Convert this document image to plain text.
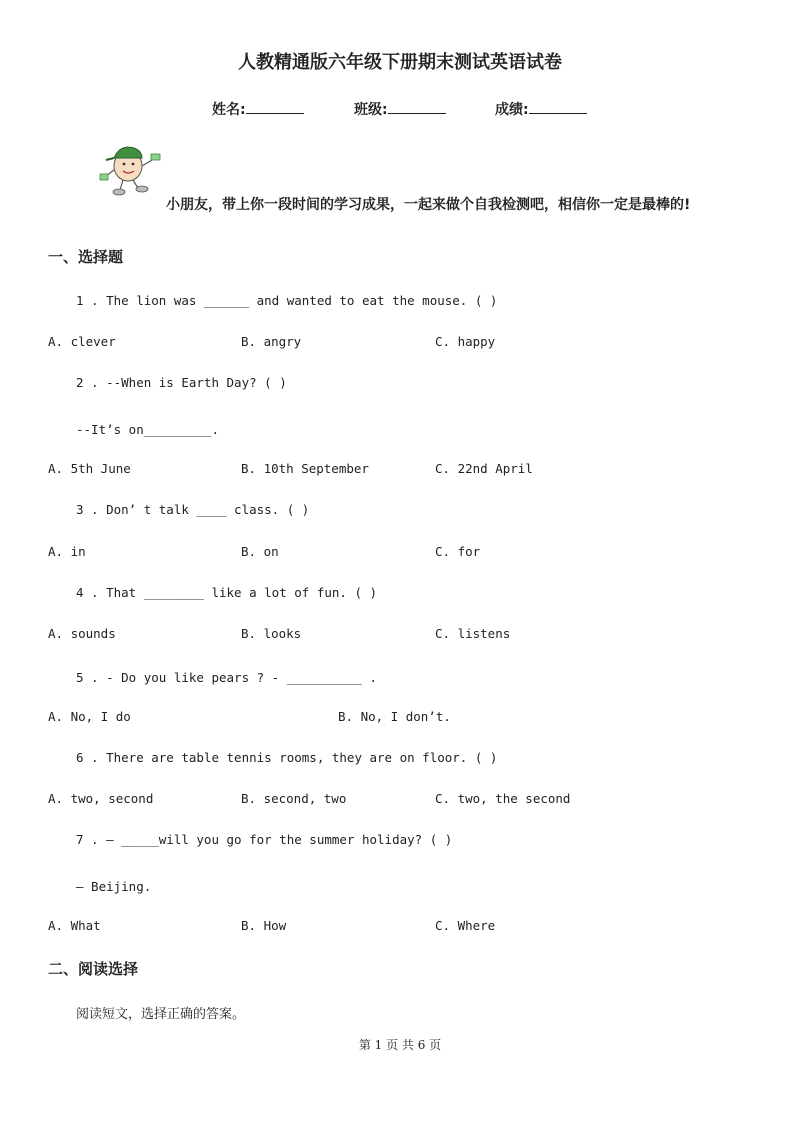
人教精通版六年级下册期末测试英语试卷
姓名:	班级:	成绩:
小朋友，带上你一段时间的学习成果，一起来做个自我检测吧，相信你一定是最棒的!
一、选择题
1 . The lion was ______ and wanted to eat the mouse. ( )
A. clever	B. angry	C. happy
2 . --When is Earth Day? ( )
--It’s on_________.
A. 5th June	B. 10th September	C. 22nd April
3 . Don’ t talk ____ class. ( )
A. in	B. on	C. for
4 . That ________ like a lot of fun. ( )
A. sounds	B. looks	C. listens
5 . - Do you like pears ? - __________ .
A. No, I do	B. No, I don’t.
6 . There are table tennis rooms, they are on floor. ( )
A. two, second	B. second, two	C. two, the second
7 . — _____will you go for the summer holiday? ( )
— Beijing.
A. What	B. How	C. Where
二、阅读选择
阅读短文，选择正确的答案。
第 1 页 共 6 页
